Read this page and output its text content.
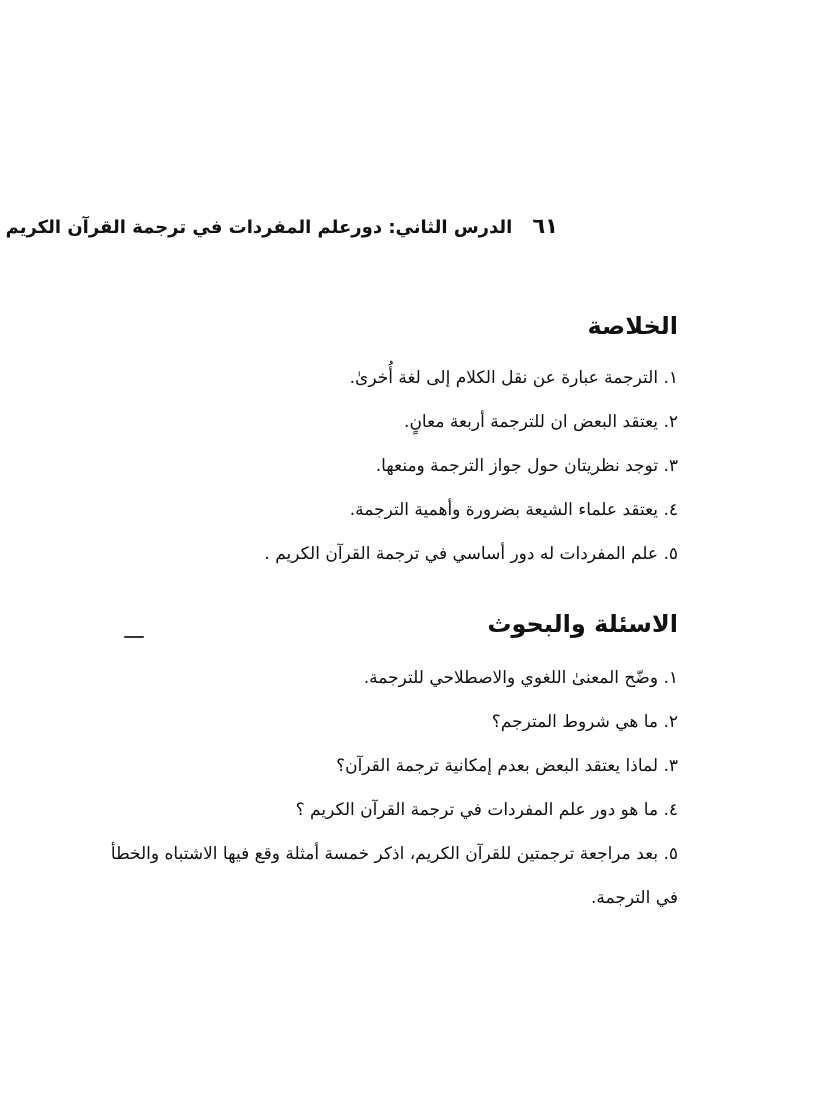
٦١
الدرس الثاني: دورعلم المفردات في ترجمة القرآن الكريم
الخلاصة
١. الترجمة عبارة عن نقل الكلام إلى لغة أُخرىٰ.
٢. يعتقد البعض ان للترجمة أربعة معانٍ.
٣. توجد نظريتان حول جواز الترجمة ومنعها.
٤. يعتقد علماء الشيعة بضرورة وأهمية الترجمة.
٥. علم المفردات له دور أساسي في ترجمة القرآن الكريم .
الاسئلة والبحوث
١. وضّح المعنىٰ اللغوي والاصطلاحي للترجمة.
٢. ما هي شروط المترجم؟
٣. لماذا يعتقد البعض بعدم إمكانية ترجمة القرآن؟
٤. ما هو دور علم المفردات في ترجمة القرآن الكريم ؟
٥. بعد مراجعة ترجمتين للقرآن الكريم، اذكر خمسة أمثلة وقع فيها الاشتباه والخطأ في الترجمة.
